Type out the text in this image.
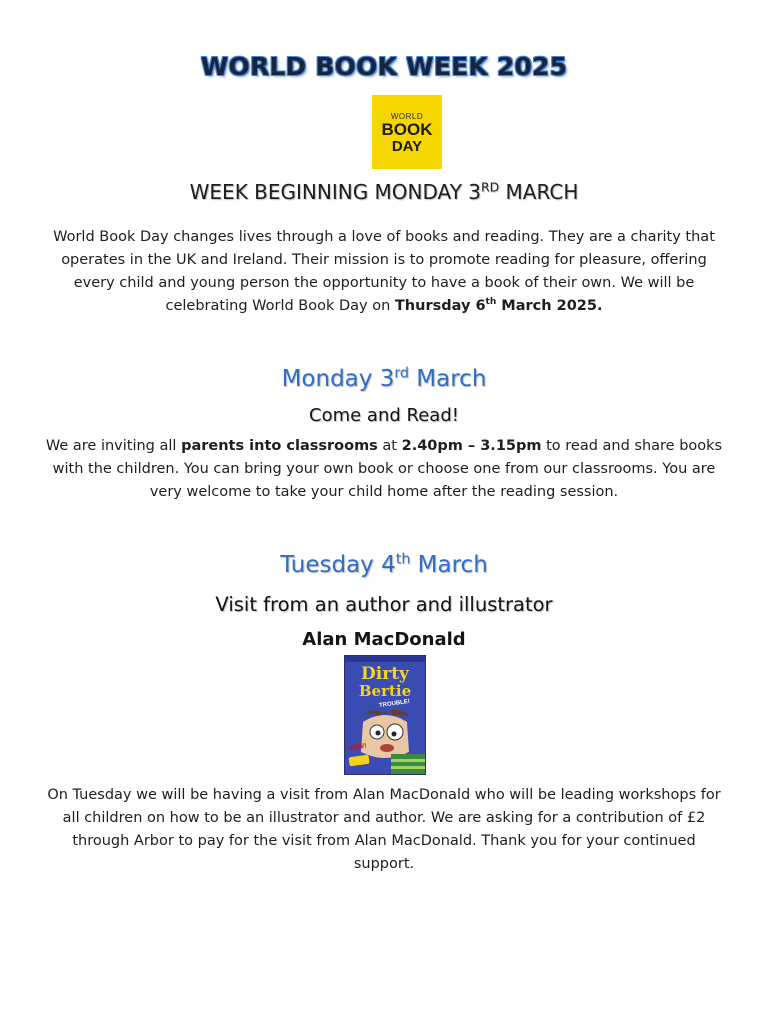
WORLD BOOK WEEK 2025
WORLD
BOOK
DAY
WEEK BEGINNING MONDAY 3RD MARCH
World Book Day changes lives through a love of books and reading. They are a charity that operates in the UK and Ireland. Their mission is to promote reading for pleasure, offering every child and young person the opportunity to have a book of their own. We will be celebrating World Book Day on Thursday 6th March 2025.
Monday 3rd March
Come and Read!
We are inviting all parents into classrooms at 2.40pm – 3.15pm to read and share books with the children. You can bring your own book or choose one from our classrooms. You are very welcome to take your child home after the reading session.
Tuesday 4th March
Visit from an author and illustrator
Alan MacDonald
Dirty
Bertie
TROUBLE!
NEW!
On Tuesday we will be having a visit from Alan MacDonald who will be leading workshops for all children on how to be an illustrator and author. We are asking for a contribution of £2 through Arbor to pay for the visit from Alan MacDonald. Thank you for your continued support.
